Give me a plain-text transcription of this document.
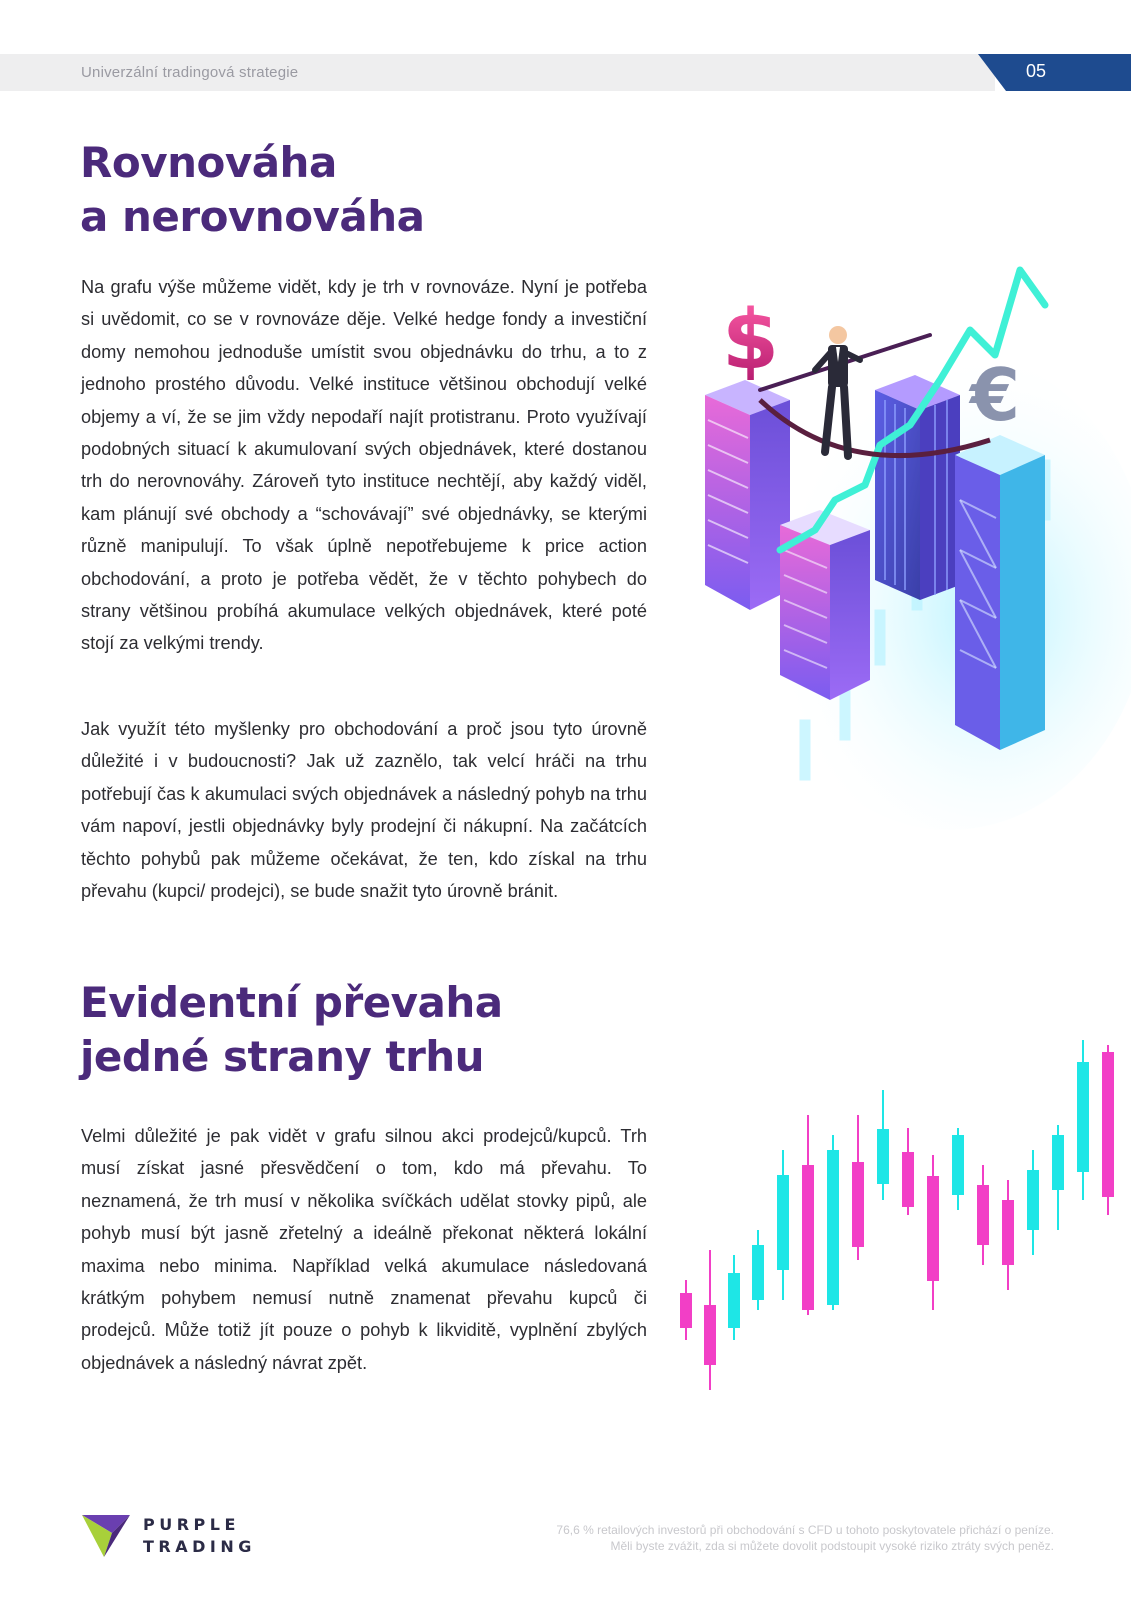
Univerzální tradingová strategie	05
Rovnováha
a nerovnováha

Na grafu výše můžeme vidět, kdy je trh v rovnováze. Nyní je potřeba si uvědomit, co se v rovnováze děje. Velké hedge fondy a investiční domy nemohou jednoduše umístit svou objednávku do trhu, a to z jednoho prostého důvodu. Velké instituce většinou obchodují velké objemy a ví, že se jim vždy nepodaří najít protistranu. Proto využívají podobných situací k akumulovaní svých objednávek, které dostanou trh do nerovnováhy. Zároveň tyto instituce nechtějí, aby každý viděl, kam plánují své obchody a “schovávají” své objednávky, se kterými různě manipulují. To však úplně nepotřebujeme k price action obchodování, a proto je potřeba vědět, že v těchto pohybech do strany většinou probíhá akumulace velkých objednávek, které poté stojí za velkými trendy.

Jak využít této myšlenky pro obchodování a proč jsou tyto úrovně důležité i v budoucnosti? Jak už zaznělo, tak velcí hráči na trhu potřebují čas k akumulaci svých objednávek a následný pohyb na trhu vám napoví, jestli objednávky byly prodejní či nákupní. Na začátcích těchto pohybů pak můžeme očekávat, že ten, kdo získal na trhu převahu (kupci/ prodejci), se bude snažit tyto úrovně bránit.

$
€
Evidentní převaha
jedné strany trhu

Velmi důležité je pak vidět v grafu silnou akci prodejců/kupců. Trh musí získat jasné přesvědčení o tom, kdo má převahu. To neznamená, že trh musí v několika svíčkách udělat stovky pipů, ale pohyb musí být jasně zřetelný a ideálně překonat některá lokální maxima nebo minima. Například velká akumulace následovaná krátkým pohybem nemusí nutně znamenat převahu kupců či prodejců. Může totiž jít pouze o pohyb k likviditě, vyplnění zbylých objednávek a následný návrat zpět.

PURPLE
TRADING
76,6 % retailových investorů při obchodování s CFD u tohoto poskytovatele přichází o peníze.
Měli byste zvážit, zda si můžete dovolit podstoupit vysoké riziko ztráty svých peněz.
